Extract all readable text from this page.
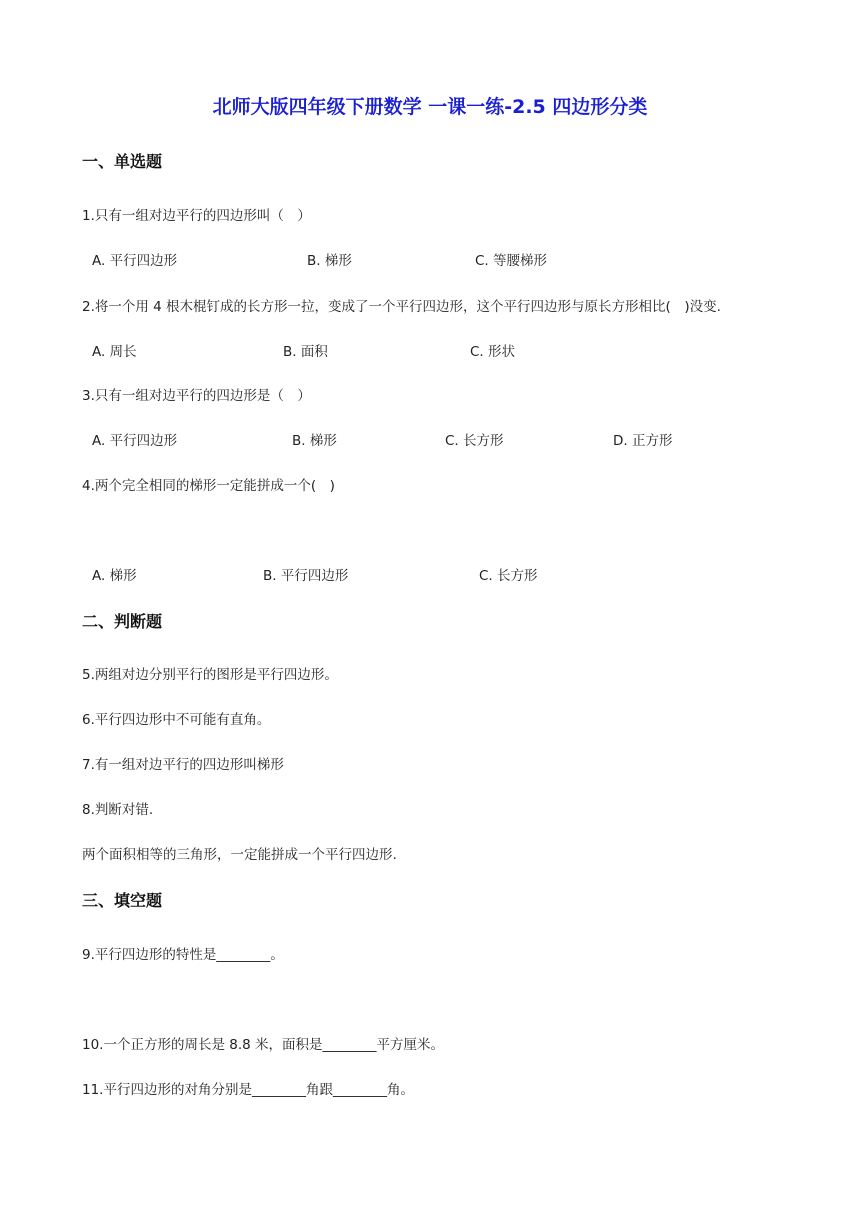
北师大版四年级下册数学 一课一练-2.5 四边形分类
一、单选题
1.只有一组对边平行的四边形叫（　）
A. 平行四边形	B. 梯形	C. 等腰梯形
2.将一个用 4 根木棍钉成的长方形一拉，变成了一个平行四边形，这个平行四边形与原长方形相比(　)没变.
A. 周长	B. 面积	C. 形状
3.只有一组对边平行的四边形是（　）
A. 平行四边形	B. 梯形	C. 长方形	D. 正方形
4.两个完全相同的梯形一定能拼成一个(　)
A. 梯形	B. 平行四边形	C. 长方形
二、判断题
5.两组对边分别平行的图形是平行四边形。
6.平行四边形中不可能有直角。
7.有一组对边平行的四边形叫梯形
8.判断对错.
两个面积相等的三角形，一定能拼成一个平行四边形.
三、填空题
9.平行四边形的特性是________。
10.一个正方形的周长是 8.8 米，面积是________平方厘米。
11.平行四边形的对角分别是________角跟________角。
